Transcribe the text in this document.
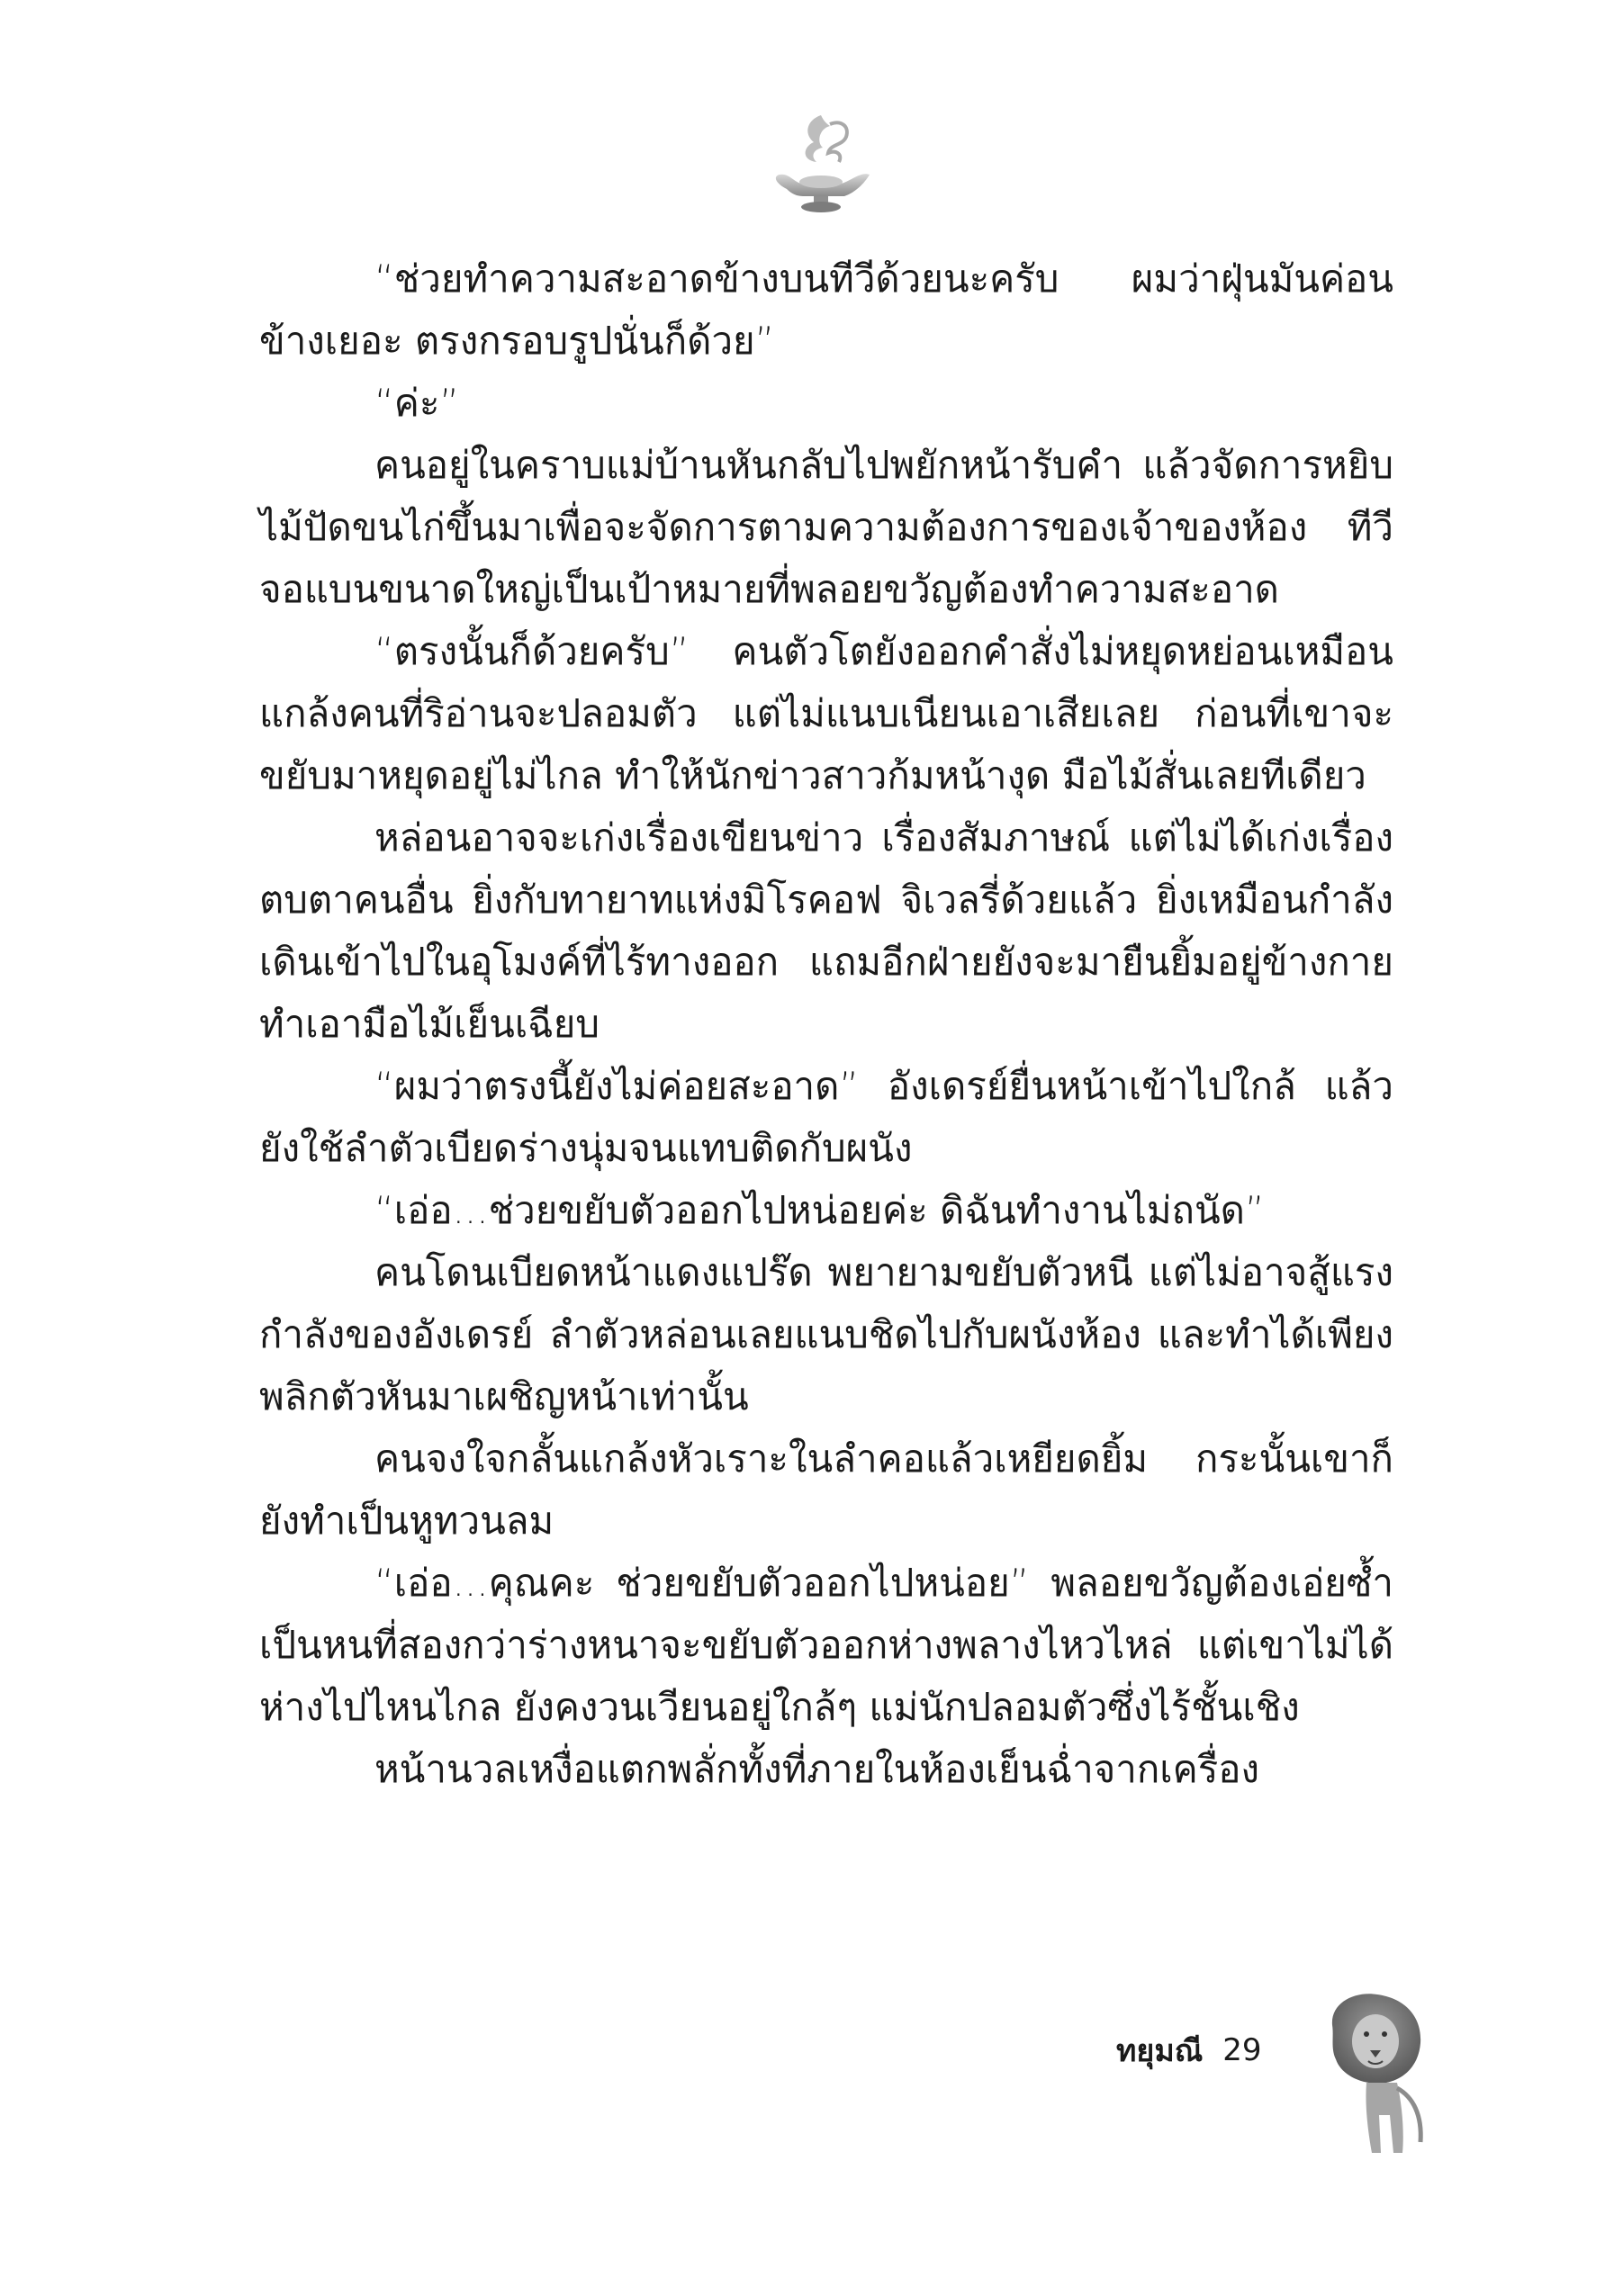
“ช่วยทำความสะอาดข้างบนทีวีด้วยนะครับ ผมว่าฝุ่นมันค่อนข้างเยอะ ตรงกรอบรูปนั่นก็ด้วย”

“ค่ะ”

คนอยู่ในคราบแม่บ้านหันกลับไปพยักหน้ารับคำ แล้วจัดการหยิบไม้ปัดขนไก่ขึ้นมาเพื่อจะจัดการตามความต้องการของเจ้าของห้อง ทีวีจอแบนขนาดใหญ่เป็นเป้าหมายที่พลอยขวัญต้องทำความสะอาด

“ตรงนั้นก็ด้วยครับ” คนตัวโตยังออกคำสั่งไม่หยุดหย่อนเหมือนแกล้งคนที่ริอ่านจะปลอมตัว แต่ไม่แนบเนียนเอาเสียเลย ก่อนที่เขาจะขยับมาหยุดอยู่ไม่ไกล ทำให้นักข่าวสาวก้มหน้างุด มือไม้สั่นเลยทีเดียว

หล่อนอาจจะเก่งเรื่องเขียนข่าว เรื่องสัมภาษณ์ แต่ไม่ได้เก่งเรื่องตบตาคนอื่น ยิ่งกับทายาทแห่งมิโรคอฟ จิเวลรี่ด้วยแล้ว ยิ่งเหมือนกำลังเดินเข้าไปในอุโมงค์ที่ไร้ทางออก แถมอีกฝ่ายยังจะมายืนยิ้มอยู่ข้างกาย ทำเอามือไม้เย็นเฉียบ

“ผมว่าตรงนี้ยังไม่ค่อยสะอาด” อังเดรย์ยื่นหน้าเข้าไปใกล้ แล้วยังใช้ลำตัวเบียดร่างนุ่มจนแทบติดกับผนัง

“เอ่อ...ช่วยขยับตัวออกไปหน่อยค่ะ ดิฉันทำงานไม่ถนัด”

คนโดนเบียดหน้าแดงแปร๊ด พยายามขยับตัวหนี แต่ไม่อาจสู้แรงกำลังของอังเดรย์ ลำตัวหล่อนเลยแนบชิดไปกับผนังห้อง และทำได้เพียงพลิกตัวหันมาเผชิญหน้าเท่านั้น

คนจงใจกลั้นแกล้งหัวเราะในลำคอแล้วเหยียดยิ้ม กระนั้นเขาก็ยังทำเป็นหูทวนลม

“เอ่อ...คุณคะ ช่วยขยับตัวออกไปหน่อย” พลอยขวัญต้องเอ่ยซ้ำเป็นหนที่สองกว่าร่างหนาจะขยับตัวออกห่างพลางไหวไหล่ แต่เขาไม่ได้ห่างไปไหนไกล ยังคงวนเวียนอยู่ใกล้ๆ แม่นักปลอมตัวซึ่งไร้ชั้นเชิง

หน้านวลเหงื่อแตกพลั่กทั้งที่ภายในห้องเย็นฉ่ำจากเครื่อง

ทยุมณี 29
